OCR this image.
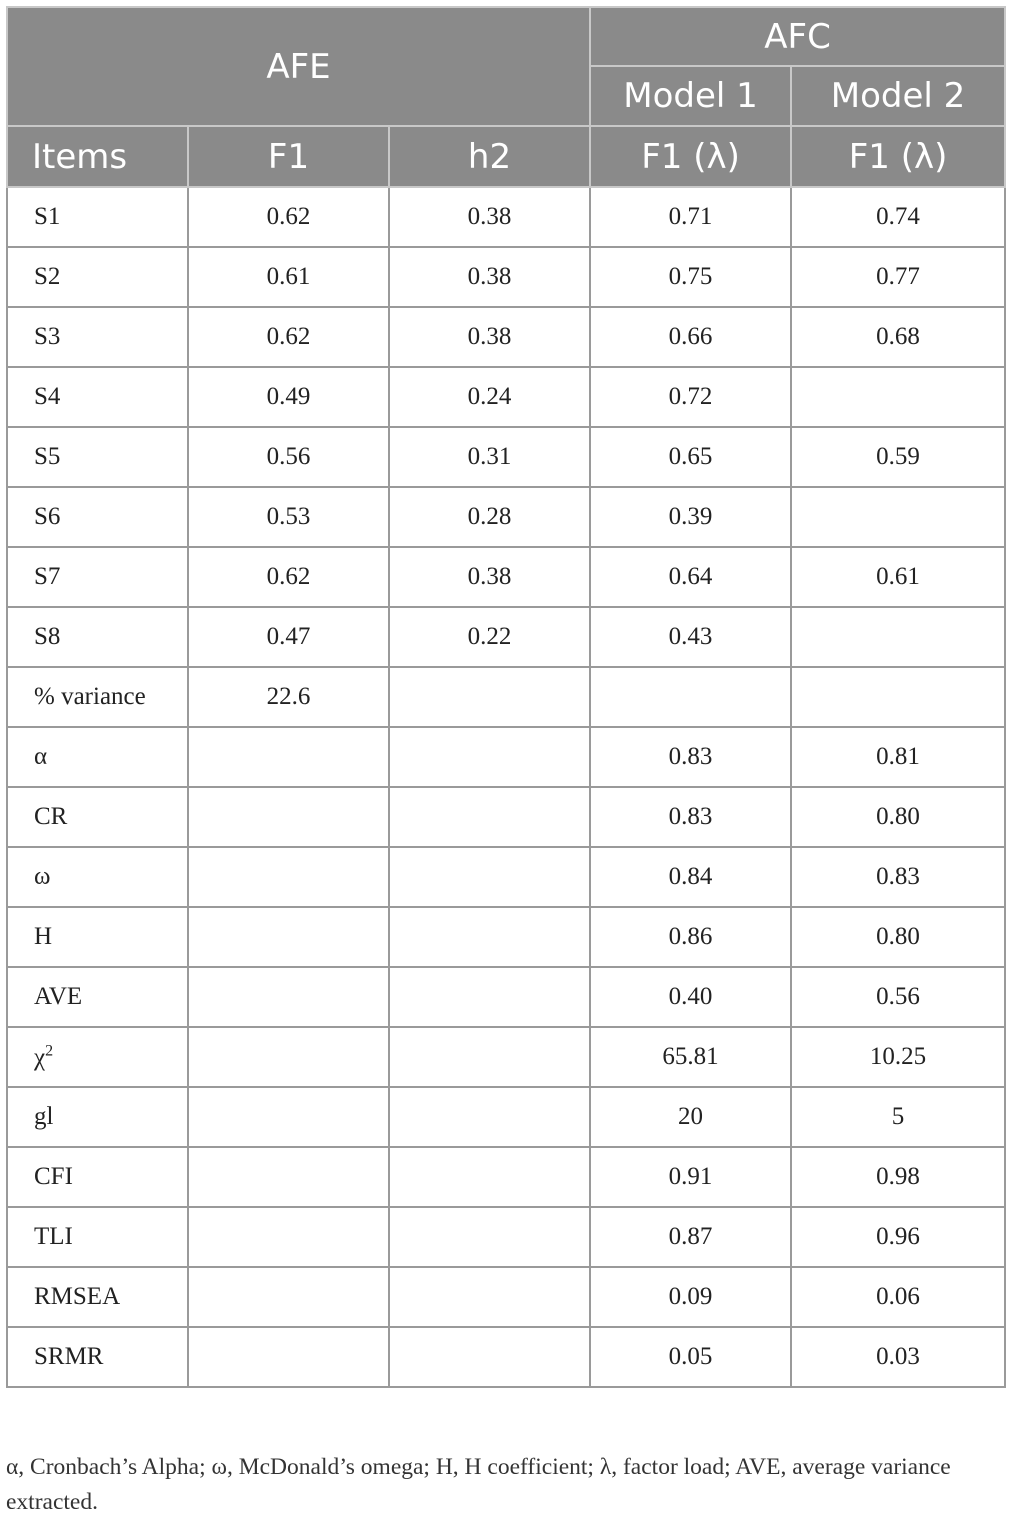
AFE			AFC	
			Model 1	Model 2
Items	F1	h2	F1 (λ)	F1 (λ)
S1	0.62	0.38	0.71	0.74
S2	0.61	0.38	0.75	0.77
S3	0.62	0.38	0.66	0.68
S4	0.49	0.24	0.72	
S5	0.56	0.31	0.65	0.59
S6	0.53	0.28	0.39	
S7	0.62	0.38	0.64	0.61
S8	0.47	0.22	0.43	
% variance	22.6			
α			0.83	0.81
CR			0.83	0.80
ω			0.84	0.83
H			0.86	0.80
AVE			0.40	0.56
$\chi^2$			65.81	10.25
gl			20	5
CFI			0.91	0.98
TLI			0.87	0.96
RMSEA			0.09	0.06
SRMR			0.05	0.03
α, Cronbach’s Alpha; ω, McDonald’s omega; H, H coefficient; λ, factor load; AVE, average variance extracted.
